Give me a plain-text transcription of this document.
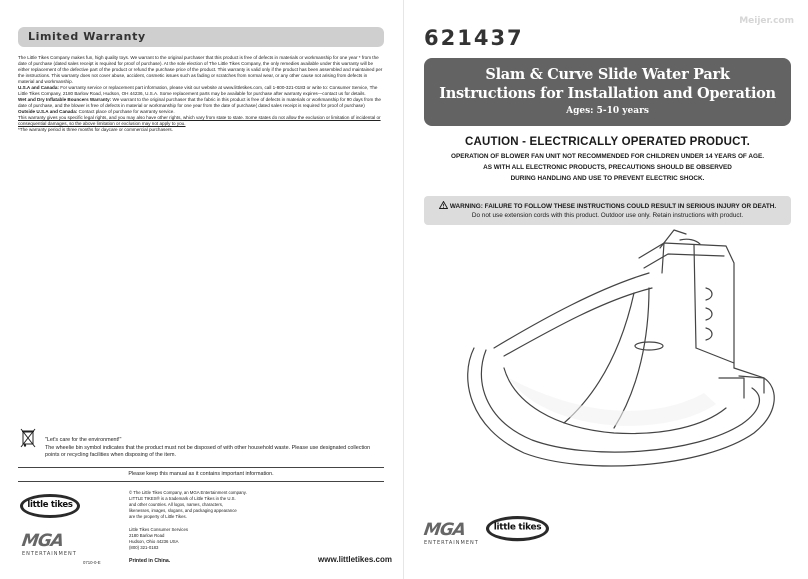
Limited Warranty

The Little Tikes Company makes fun, high quality toys. We warrant to the original purchaser that this product is free of defects in materials or workmanship for one year * from the date of purchase (dated sales receipt is required for proof of purchase). At the sole election of The Little Tikes Company, the only remedies available under this warranty will be either replacement of the defective part of the product or refund the purchase price of the product. This warranty is valid only if the product has been assembled and maintained per the instructions. This warranty does not cover abuse, accident, cosmetic issues such as fading or scratches from normal wear, or any other cause not arising from defects in material and workmanship.

U.S.A and Canada: For warranty service or replacement part information, please visit our website at www.littletikes.com, call 1-800-321-0183 or write to: Consumer Service, The Little Tikes Company, 2180 Barlow Road, Hudson, OH 44236, U.S.A. Some replacement parts may be available for purchase after warranty expires—contact us for details.

Wet and Dry Inflatable Bouncers Warranty: We warrant to the original purchaser that the fabric in this product is free of defects in materials or workmanship for 90 days from the date of purchase, and the blower is free of defects in material or workmanship for one year from the date of purchase( dated sales receipt is required for proof of purchase)

Outside U.S.A and Canada: Contact place of purchase for warranty service.

This warranty gives you specific legal rights, and you may also have other rights, which vary from state to state. Some states do not allow the exclusion or limitation of incidental or consequential damages, so the above limitation or exclusion may not apply to you.

*The warranty period is three months for daycare or commercial purchasers.

"Let's care for the environment!"
The wheelie bin symbol indicates that the product must not be disposed of with other household waste. Please use designated collection points or recycling facilities when disposing of the item.
Please keep this manual as it contains important information.
little tikes
MGA
ENTERTAINMENT
© The Little Tikes Company, an MGA Entertainment company.
LITTLE TIKES® is a trademark of Little Tikes in the U.S.
and other countries. All logos, names, characters,
likenesses, images, slogans, and packaging appearance
are the property of Little Tikes.
Little Tikes Consumer Services
2180 Barlow Road
Hudson, Ohio 44236 USA
(800) 321-0183
0710-0-E	Printed in China.	www.littletikes.com
621437
Meijer.com
Slam & Curve Slide Water Park
Instructions for Installation and Operation
Ages: 5-10 years
CAUTION - ELECTRICALLY OPERATED PRODUCT.
OPERATION OF BLOWER FAN UNIT NOT RECOMMENDED FOR CHILDREN UNDER 14 YEARS OF AGE.
AS WITH ALL ELECTRONIC PRODUCTS, PRECAUTIONS SHOULD BE OBSERVED
DURING HANDLING AND USE TO PREVENT ELECTRIC SHOCK.
WARNING: FAILURE TO FOLLOW THESE INSTRUCTIONS COULD RESULT IN SERIOUS INJURY OR DEATH.
Do not use extension cords with this product. Outdoor use only. Retain instructions with product.
MGA
ENTERTAINMENT
little tikes
